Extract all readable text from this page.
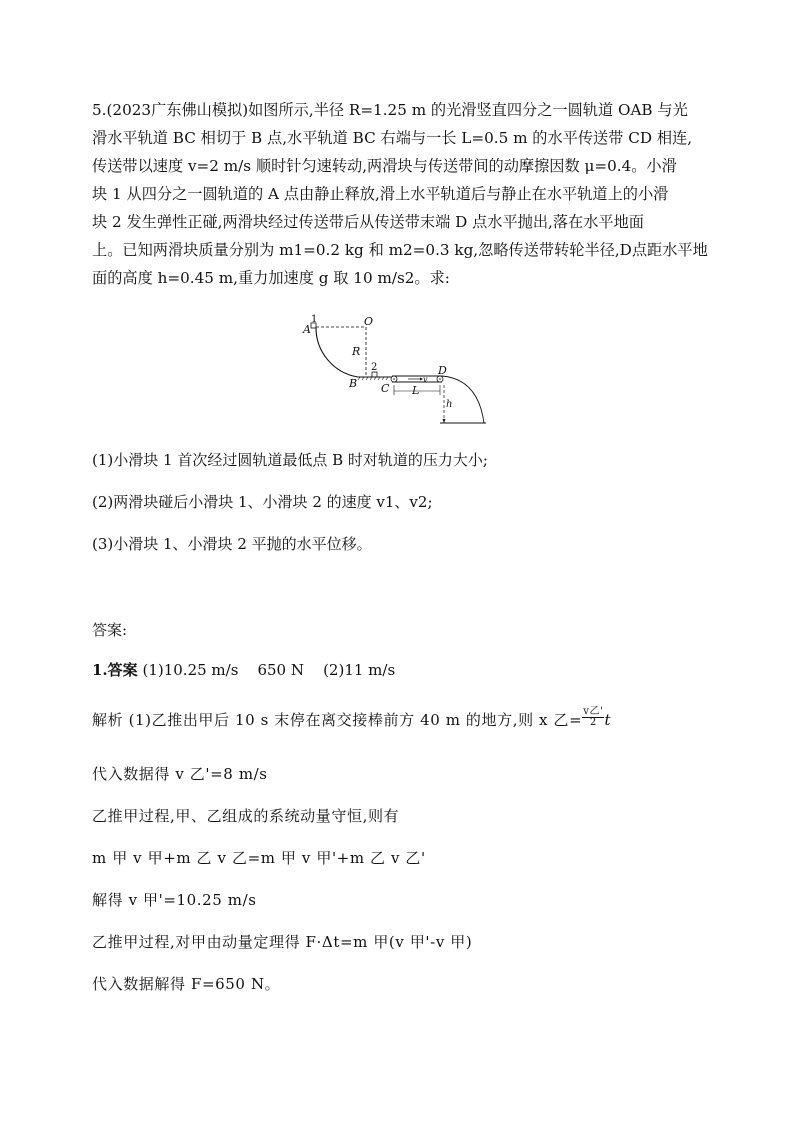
5.(2023广东佛山模拟)如图所示,半径 R=1.25 m 的光滑竖直四分之一圆轨道 OAB 与光
滑水平轨道 BC 相切于 B 点,水平轨道 BC 右端与一长 L=0.5 m 的水平传送带 CD 相连,
传送带以速度 v=2 m/s 顺时针匀速转动,两滑块与传送带间的动摩擦因数 μ=0.4。小滑
块 1 从四分之一圆轨道的 A 点由静止释放,滑上水平轨道后与静止在水平轨道上的小滑
块 2 发生弹性正碰,两滑块经过传送带后从传送带末端 D 点水平抛出,落在水平地面
上。已知两滑块质量分别为 m1=0.2 kg 和 m2=0.3 kg,忽略传送带转轮半径,D点距水平地
面的高度 h=0.45 m,重力加速度 g 取 10 m/s2。求:
A
1	O
R
2
B C
D
L
h
v
(1)小滑块 1 首次经过圆轨道最低点 B 时对轨道的压力大小;
(2)两滑块碰后小滑块 1、小滑块 2 的速度 v1、v2;
(3)小滑块 1、小滑块 2 平抛的水平位移。
答案:
1.答案 (1)10.25 m/s    650 N    (2)11 m/s
解析 (1)乙推出甲后 10 s 末停在离交接棒前方 40 m 的地方,则 x 乙= $\frac{\text{v乙'}}{2}$ t
代入数据得 v 乙'=8 m/s
乙推甲过程,甲、乙组成的系统动量守恒,则有
m 甲 v 甲+m 乙 v 乙=m 甲 v 甲'+m 乙 v 乙'
解得 v 甲'=10.25 m/s
乙推甲过程,对甲由动量定理得 F·Δt=m 甲(v 甲'-v 甲)
代入数据解得 F=650 N。
